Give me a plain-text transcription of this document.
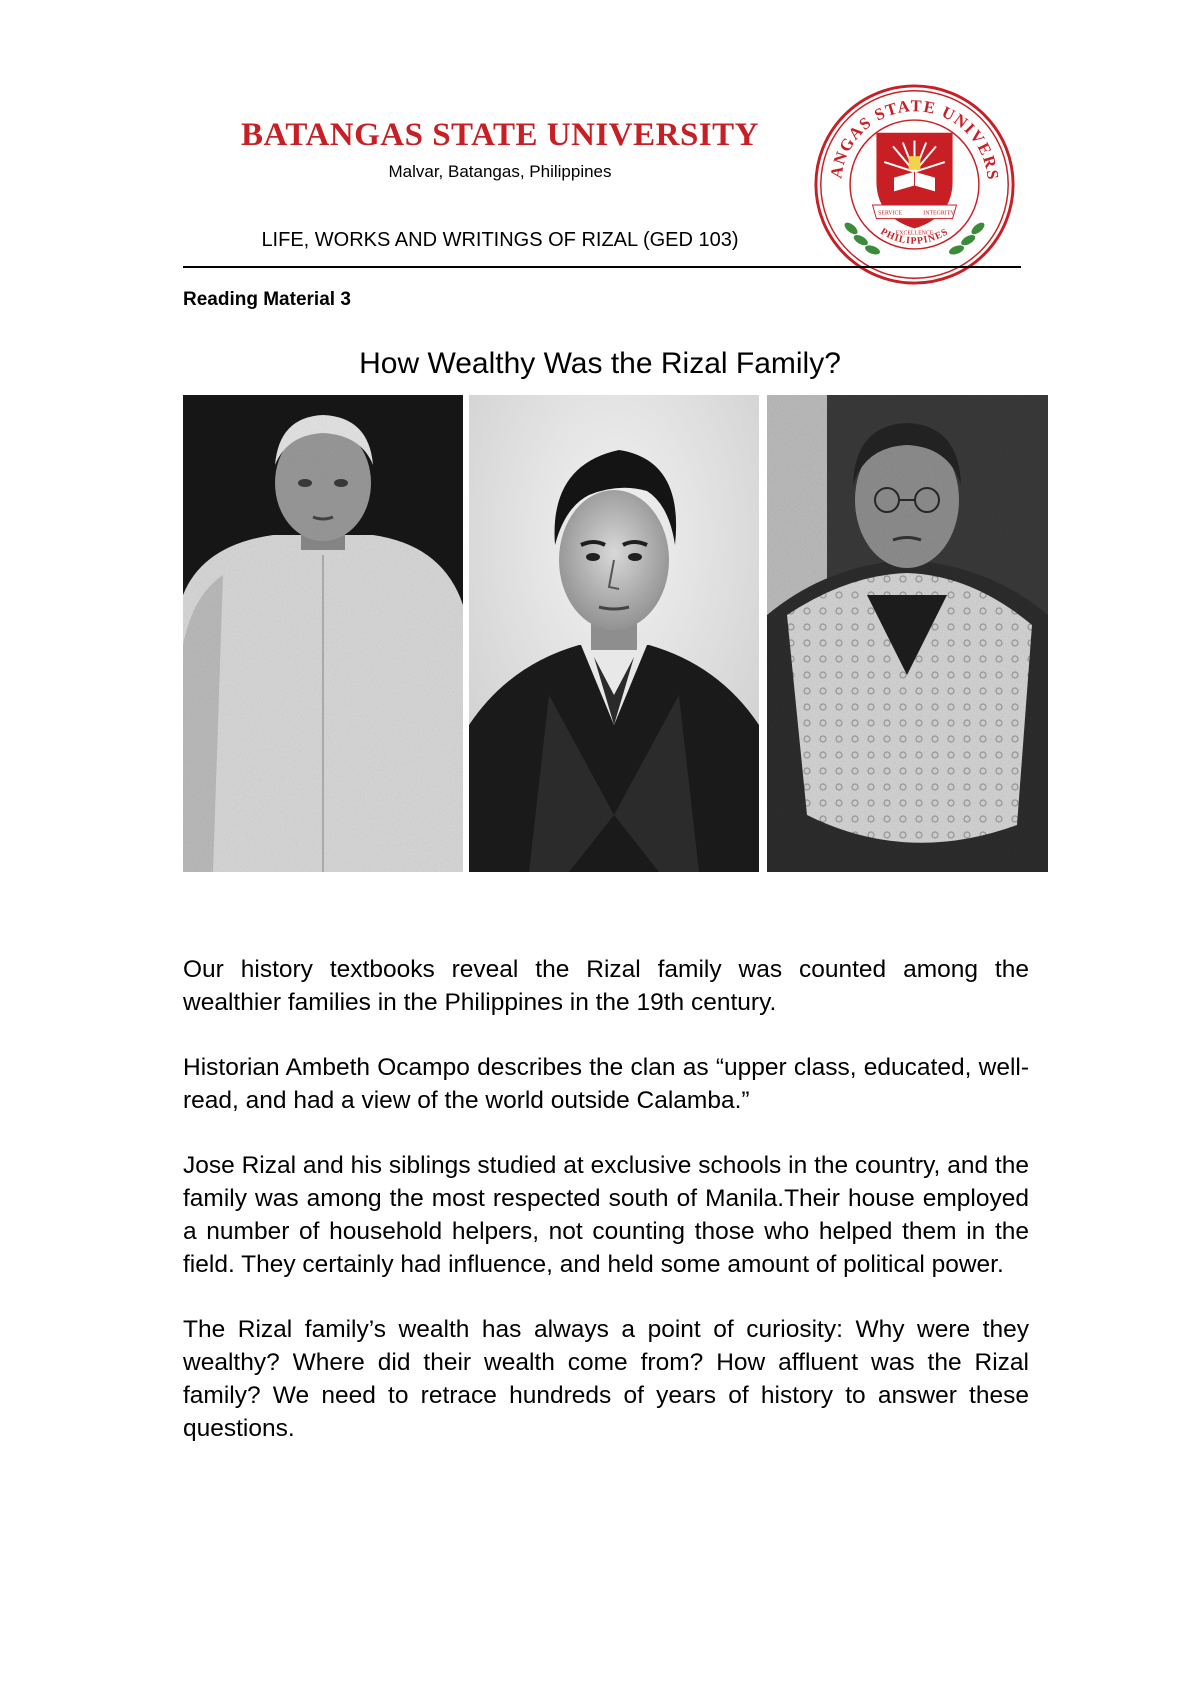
BATANGAS STATE UNIVERSITY
Malvar, Batangas, Philippines	ANGAS STATE UNIVERS
PHILIPPINES
SERVICE	INTEGRITY
1903
EXCELLENCE
LIFE, WORKS AND WRITINGS OF RIZAL (GED 103)
Reading Material 3
How Wealthy Was the Rizal Family?

Our history textbooks reveal the Rizal family was counted among the wealthier families in the Philippines in the 19th century.

Historian Ambeth Ocampo describes the clan as “upper class, educated, well-read, and had a view of the world outside Calamba.”

Jose Rizal and his siblings studied at exclusive schools in the country, and the family was among the most respected south of Manila.Their house employed a number of household helpers, not counting those who helped them in the field. They certainly had influence, and held some amount of political power.

The Rizal family’s wealth has always a point of curiosity: Why were they wealthy? Where did their wealth come from? How affluent was the Rizal family? We need to retrace hundreds of years of history to answer these questions.
